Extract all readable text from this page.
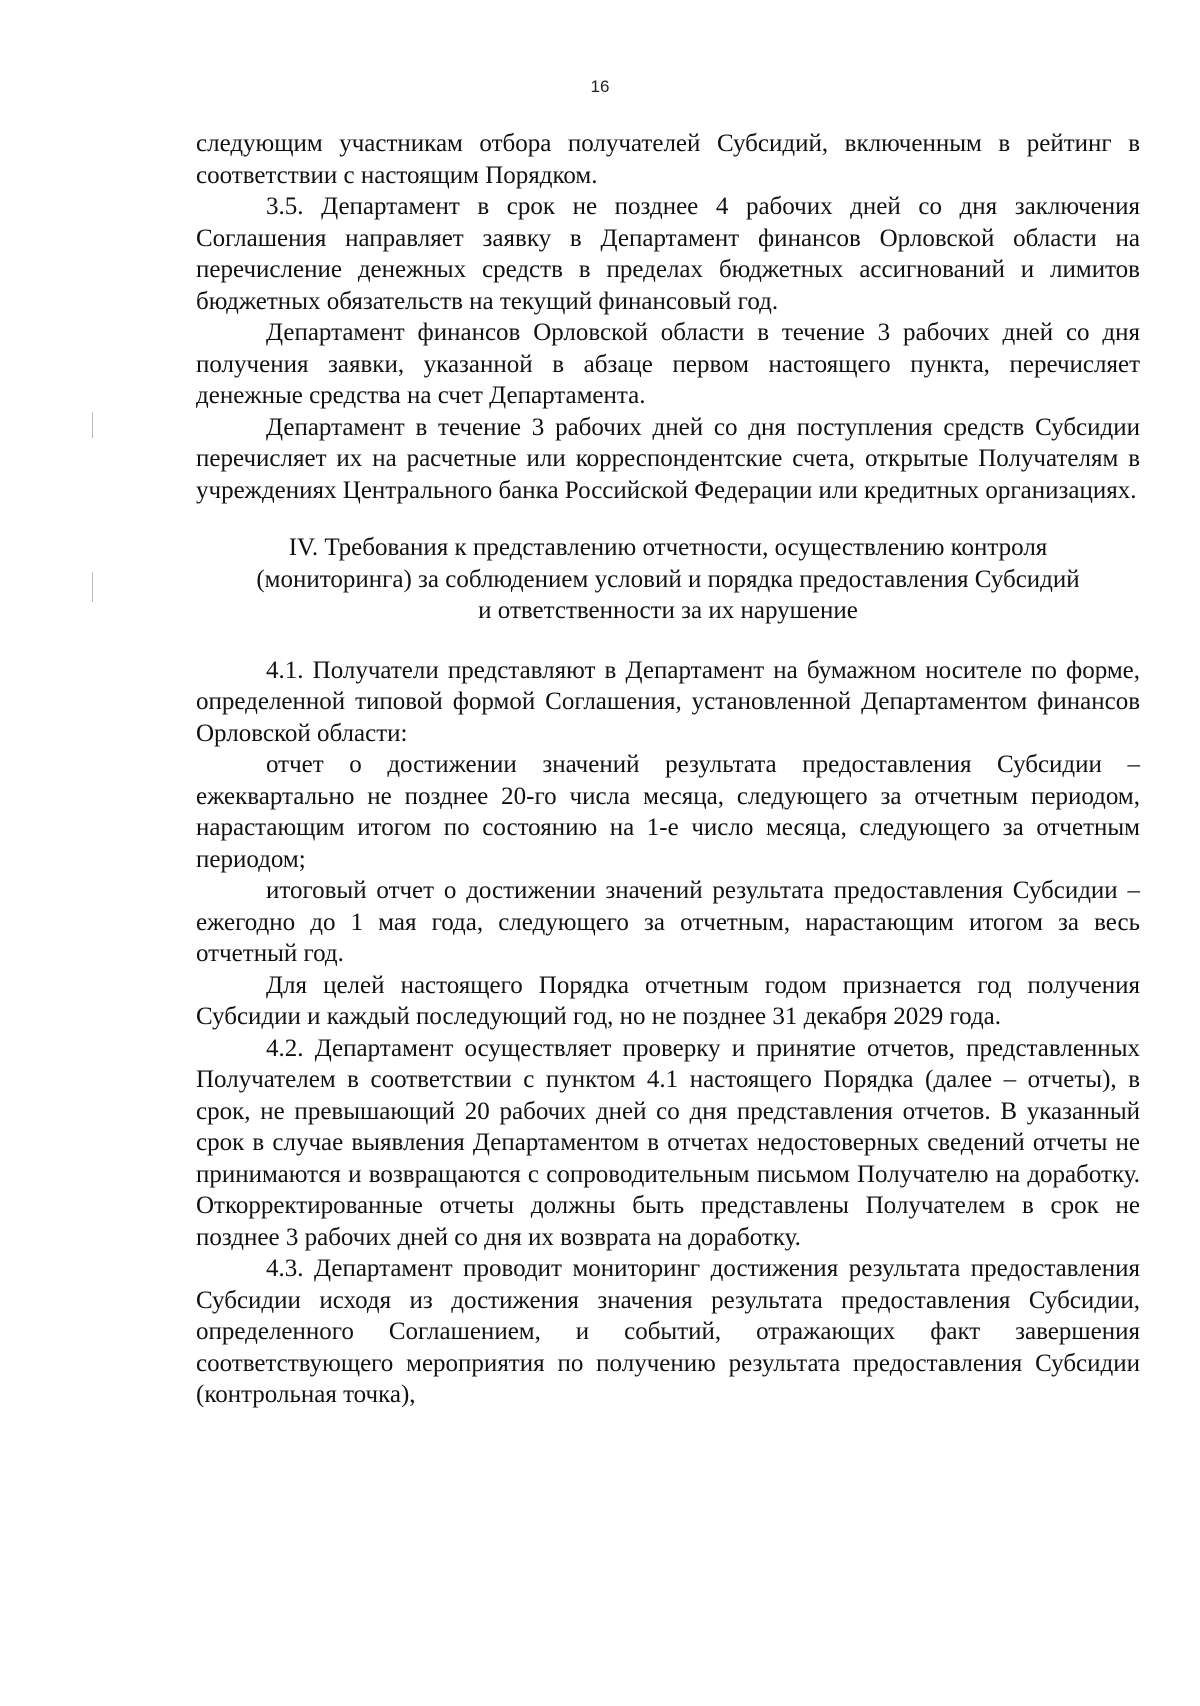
16

следующим участникам отбора получателей Субсидий, включенным в рейтинг в соответствии с настоящим Порядком.

3.5. Департамент в срок не позднее 4 рабочих дней со дня заключения Соглашения направляет заявку в Департамент финансов Орловской области на перечисление денежных средств в пределах бюджетных ассигнований и лимитов бюджетных обязательств на текущий финансовый год.

Департамент финансов Орловской области в течение 3 рабочих дней со дня получения заявки, указанной в абзаце первом настоящего пункта, перечисляет денежные средства на счет Департамента.

Департамент в течение 3 рабочих дней со дня поступления средств Субсидии перечисляет их на расчетные или корреспондентские счета, открытые Получателям в учреждениях Центрального банка Российской Федерации или кредитных организациях.

IV. Требования к представлению отчетности, осуществлению контроля
(мониторинга) за соблюдением условий и порядка предоставления Субсидий
и ответственности за их нарушение

4.1. Получатели представляют в Департамент на бумажном носителе по форме, определенной типовой формой Соглашения, установленной Департаментом финансов Орловской области:

отчет о достижении значений результата предоставления Субсидии – ежеквартально не позднее 20-го числа месяца, следующего за отчетным периодом, нарастающим итогом по состоянию на 1-е число месяца, следующего за отчетным периодом;

итоговый отчет о достижении значений результата предоставления Субсидии – ежегодно до 1 мая года, следующего за отчетным, нарастающим итогом за весь отчетный год.

Для целей настоящего Порядка отчетным годом признается год получения Субсидии и каждый последующий год, но не позднее 31 декабря 2029 года.

4.2. Департамент осуществляет проверку и принятие отчетов, представленных Получателем в соответствии с пунктом 4.1 настоящего Порядка (далее – отчеты), в срок, не превышающий 20 рабочих дней со дня представления отчетов. В указанный срок в случае выявления Департаментом в отчетах недостоверных сведений отчеты не принимаются и возвращаются с сопроводительным письмом Получателю на доработку. Откорректированные отчеты должны быть представлены Получателем в срок не позднее 3 рабочих дней со дня их возврата на доработку.

4.3. Департамент проводит мониторинг достижения результата предоставления Субсидии исходя из достижения значения результата предоставления Субсидии, определенного Соглашением, и событий, отражающих факт завершения соответствующего мероприятия по получению результата предоставления Субсидии (контрольная точка),
